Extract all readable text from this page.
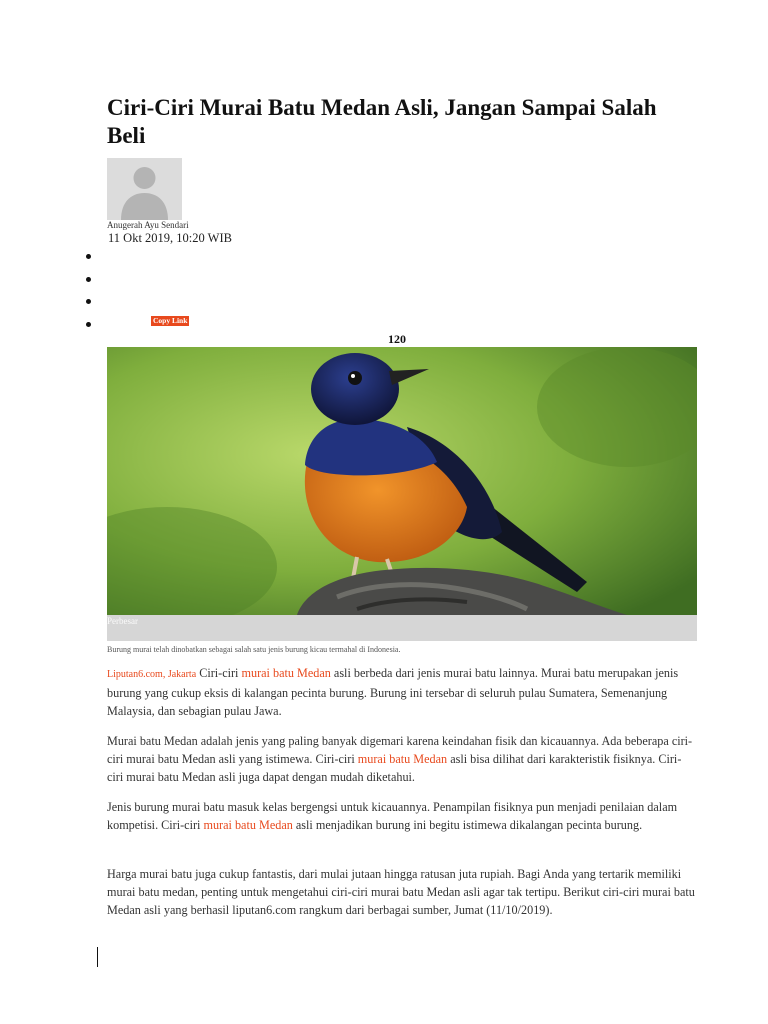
Ciri-Ciri Murai Batu Medan Asli, Jangan Sampai Salah Beli
Anugerah Ayu Sendari
11 Okt 2019, 10:20 WIB
Copy Link
120
Perbesar
Burung murai telah dinobatkan sebagai salah satu jenis burung kicau termahal di Indonesia.

Liputan6.com, Jakarta Ciri-ciri murai batu Medan asli berbeda dari jenis murai batu lainnya. Murai batu merupakan jenis burung yang cukup eksis di kalangan pecinta burung. Burung ini tersebar di seluruh pulau Sumatera, Semenanjung Malaysia, dan sebagian pulau Jawa.

Murai batu Medan adalah jenis yang paling banyak digemari karena keindahan fisik dan kicauannya. Ada beberapa ciri-ciri murai batu Medan asli yang istimewa. Ciri-ciri murai batu Medan asli bisa dilihat dari karakteristik fisiknya. Ciri-ciri murai batu Medan asli juga dapat dengan mudah diketahui.

Jenis burung murai batu masuk kelas bergengsi untuk kicauannya. Penampilan fisiknya pun menjadi penilaian dalam kompetisi. Ciri-ciri murai batu Medan asli menjadikan burung ini begitu istimewa dikalangan pecinta burung.

Harga murai batu juga cukup fantastis, dari mulai jutaan hingga ratusan juta rupiah. Bagi Anda yang tertarik memiliki murai batu medan, penting untuk mengetahui ciri-ciri murai batu Medan asli agar tak tertipu. Berikut ciri-ciri murai batu Medan asli yang berhasil liputan6.com rangkum dari berbagai sumber, Jumat (11/10/2019).
